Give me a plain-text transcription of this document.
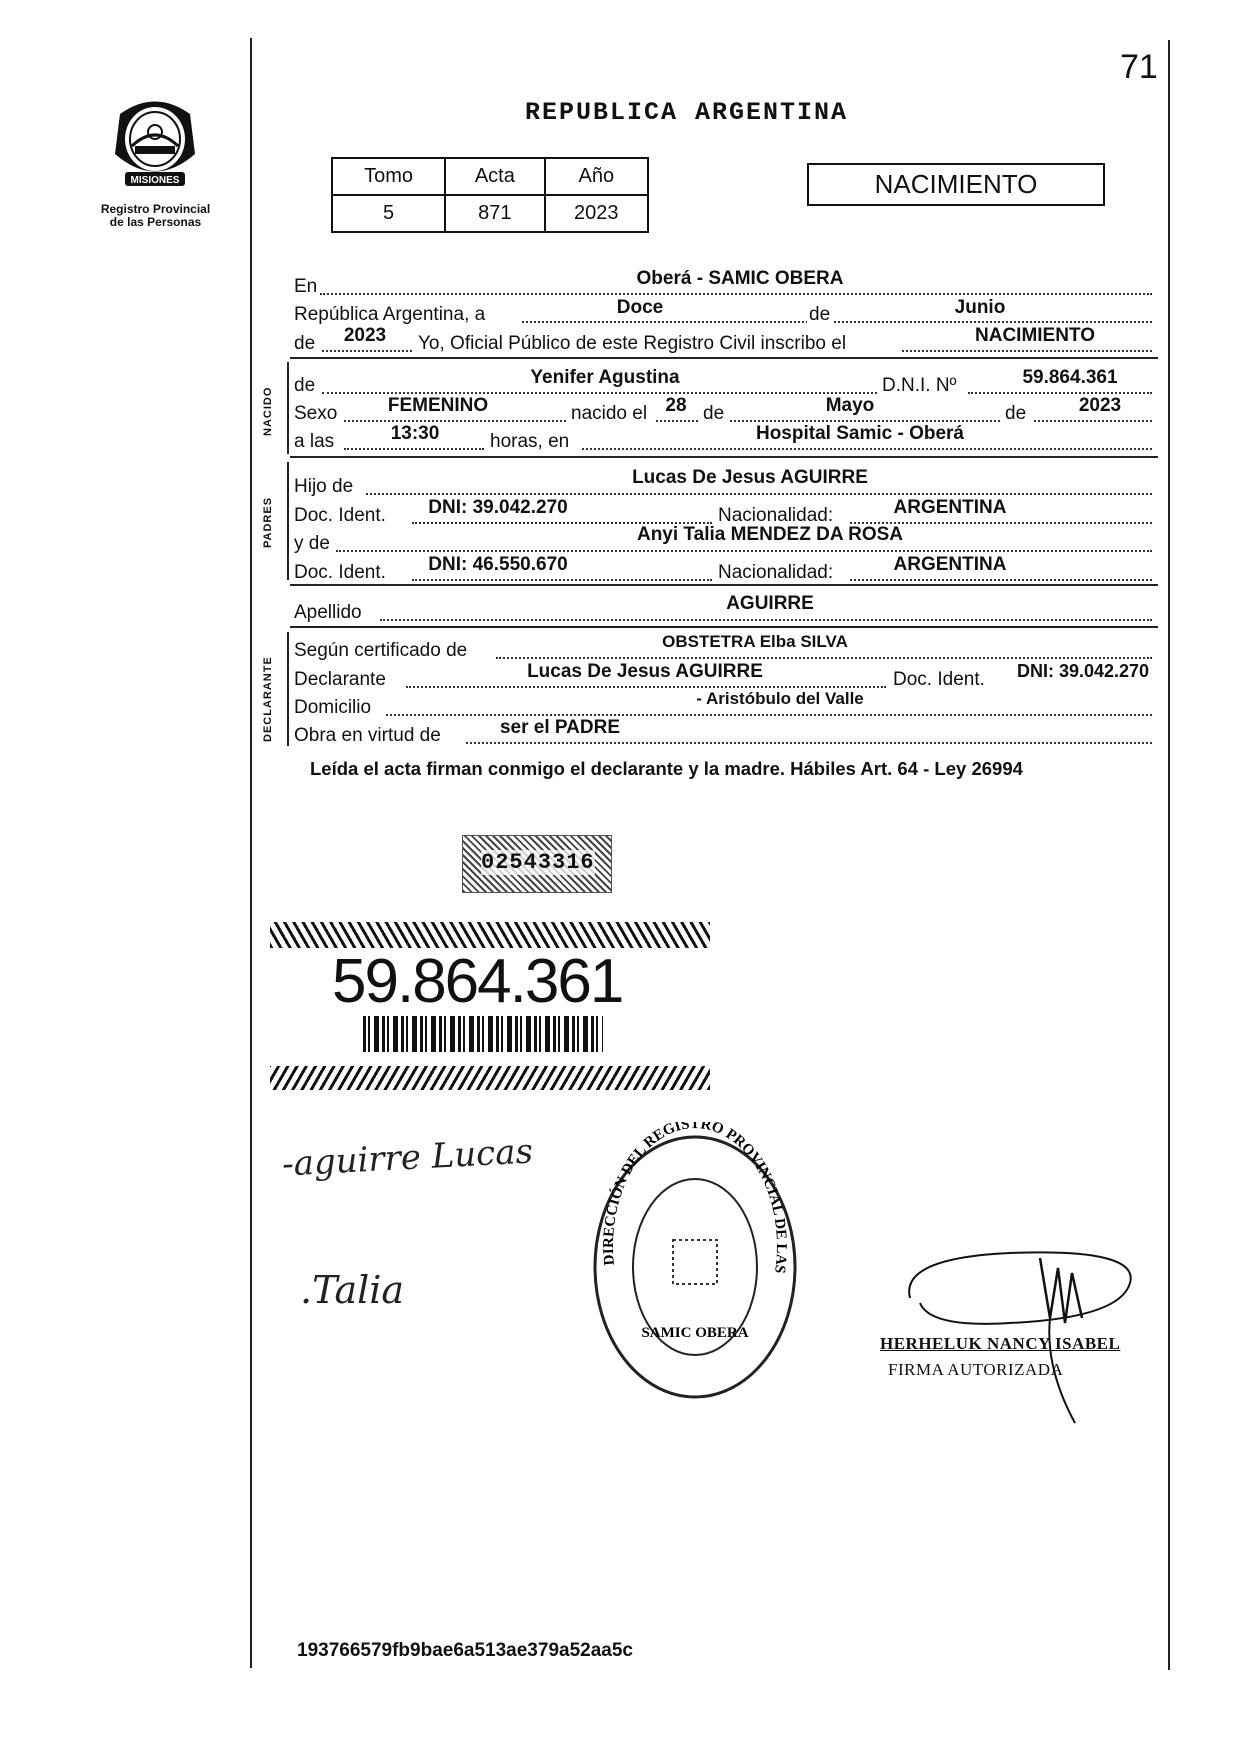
71
MISIONES
Registro Provincial
de las Personas
REPUBLICA ARGENTINA
Tomo	Acta	Año
5	871	2023
NACIMIENTO
En	Oberá - SAMIC OBERA
República Argentina, a	Doce	de	Junio
de	2023	Yo, Oficial Público de este Registro Civil inscribo el	NACIMIENTO
NACIDO
de	Yenifer Agustina	D.N.I. Nº	59.864.361
Sexo	FEMENINO	nacido el 28 de	Mayo	de	2023
a las	13:30	horas, en	Hospital Samic - Oberá
PADRES
Hijo de	Lucas De Jesus AGUIRRE
Doc. Ident.	DNI: 39.042.270	Nacionalidad:	ARGENTINA
y de	Anyi Talia MENDEZ DA ROSA
Doc. Ident.	DNI: 46.550.670	Nacionalidad:	ARGENTINA
Apellido	AGUIRRE
DECLARANTE
Según certificado de	OBSTETRA Elba SILVA
Declarante	Lucas De Jesus AGUIRRE	Doc. Ident.	DNI: 39.042.270
Domicilio	- Aristóbulo del Valle
Obra en virtud de	ser el PADRE
Leída el acta firman conmigo el declarante y la madre. Hábiles Art. 64 - Ley 26994
02543316
59.864.361
-aguirre Lucas
.Talia
DIRECCIÓN DEL REGISTRO PROVINCIAL DE LAS
SAMIC OBERA
HERHELUK NANCY ISABEL
FIRMA AUTORIZADA
193766579fb9bae6a513ae379a52aa5c
